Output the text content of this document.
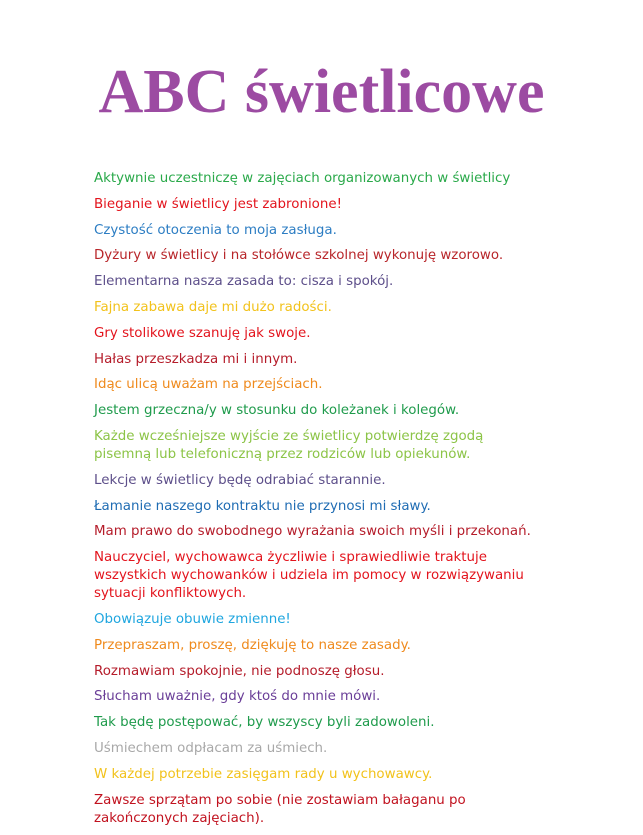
ABC świetlicowe
Aktywnie uczestniczę w zajęciach organizowanych w świetlicy
Bieganie w świetlicy jest zabronione!
Czystość otoczenia to moja zasługa.
Dyżury w świetlicy i na stołówce szkolnej wykonuję wzorowo.
Elementarna nasza zasada to: cisza i spokój.
Fajna zabawa daje mi dużo radości.
Gry stolikowe szanuję jak swoje.
Hałas przeszkadza mi i innym.
Idąc ulicą uważam na przejściach.
Jestem grzeczna/y w stosunku do koleżanek i kolegów.
Każde wcześniejsze wyjście ze świetlicy potwierdzę zgodą
pisemną lub telefoniczną przez rodziców lub opiekunów.
Lekcje w świetlicy będę odrabiać starannie.
Łamanie naszego kontraktu nie przynosi mi sławy.
Mam prawo do swobodnego wyrażania swoich myśli i przekonań.
Nauczyciel, wychowawca życzliwie i sprawiedliwie traktuje
wszystkich wychowanków i udziela im pomocy w rozwiązywaniu
sytuacji konfliktowych.
Obowiązuje obuwie zmienne!
Przepraszam, proszę, dziękuję to nasze zasady.
Rozmawiam spokojnie, nie podnoszę głosu.
Słucham uważnie, gdy ktoś do mnie mówi.
Tak będę postępować, by wszyscy byli zadowoleni.
Uśmiechem odpłacam za uśmiech.
W każdej potrzebie zasięgam rady u wychowawcy.
Zawsze sprzątam po sobie (nie zostawiam bałaganu po
zakończonych zajęciach).
